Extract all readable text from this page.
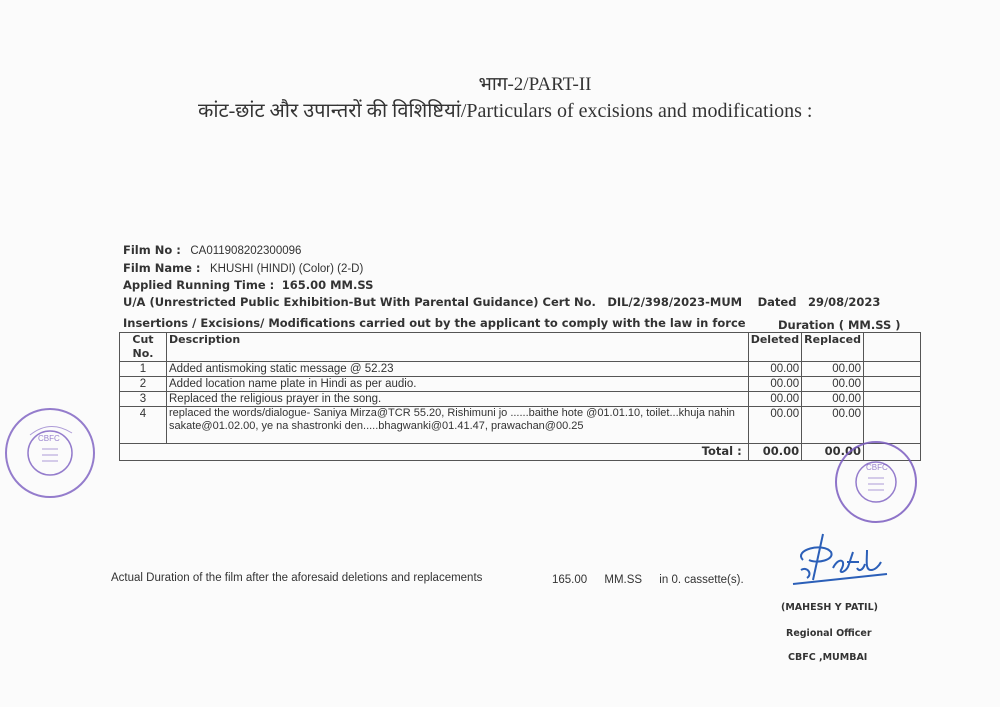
भाग-2/PART-II
कांट-छांट और उपान्तरों की विशिष्टियां/Particulars of excisions and modifications :
Film No : CA011908202300096
Film Name : KHUSHI (HINDI) (Color) (2-D)
Applied Running Time : 165.00 MM.SS
U/A (Unrestricted Public Exhibition-But With Parental Guidance) Cert No. DIL/2/398/2023-MUM Dated 29/08/2023
Insertions / Excisions/ Modifications carried out by the applicant to comply with the law in force	Duration ( MM.SS )
Cut No.	Description	Deleted	Replaced	
1	Added antismoking static message @ 52.23	00.00	00.00	
2	Added location name plate in Hindi as per audio.	00.00	00.00	
3	Replaced the religious prayer in the song.	00.00	00.00	
4	replaced the words/dialogue- Saniya Mirza@TCR 55.20, Rishimuni jo ......baithe hote @01.01.10, toilet...khuja nahin sakate@01.02.00, ye na shastronki den.....bhagwanki@01.41.47, prawachan@00.25	00.00	00.00	
Total :		00.00	00.00	
Actual Duration of the film after the aforesaid deletions and replacements	165.00 MM.SS in 0. cassette(s).
(MAHESH Y PATIL)
Regional Officer
CBFC ,MUMBAI
CBFC
CBFC
